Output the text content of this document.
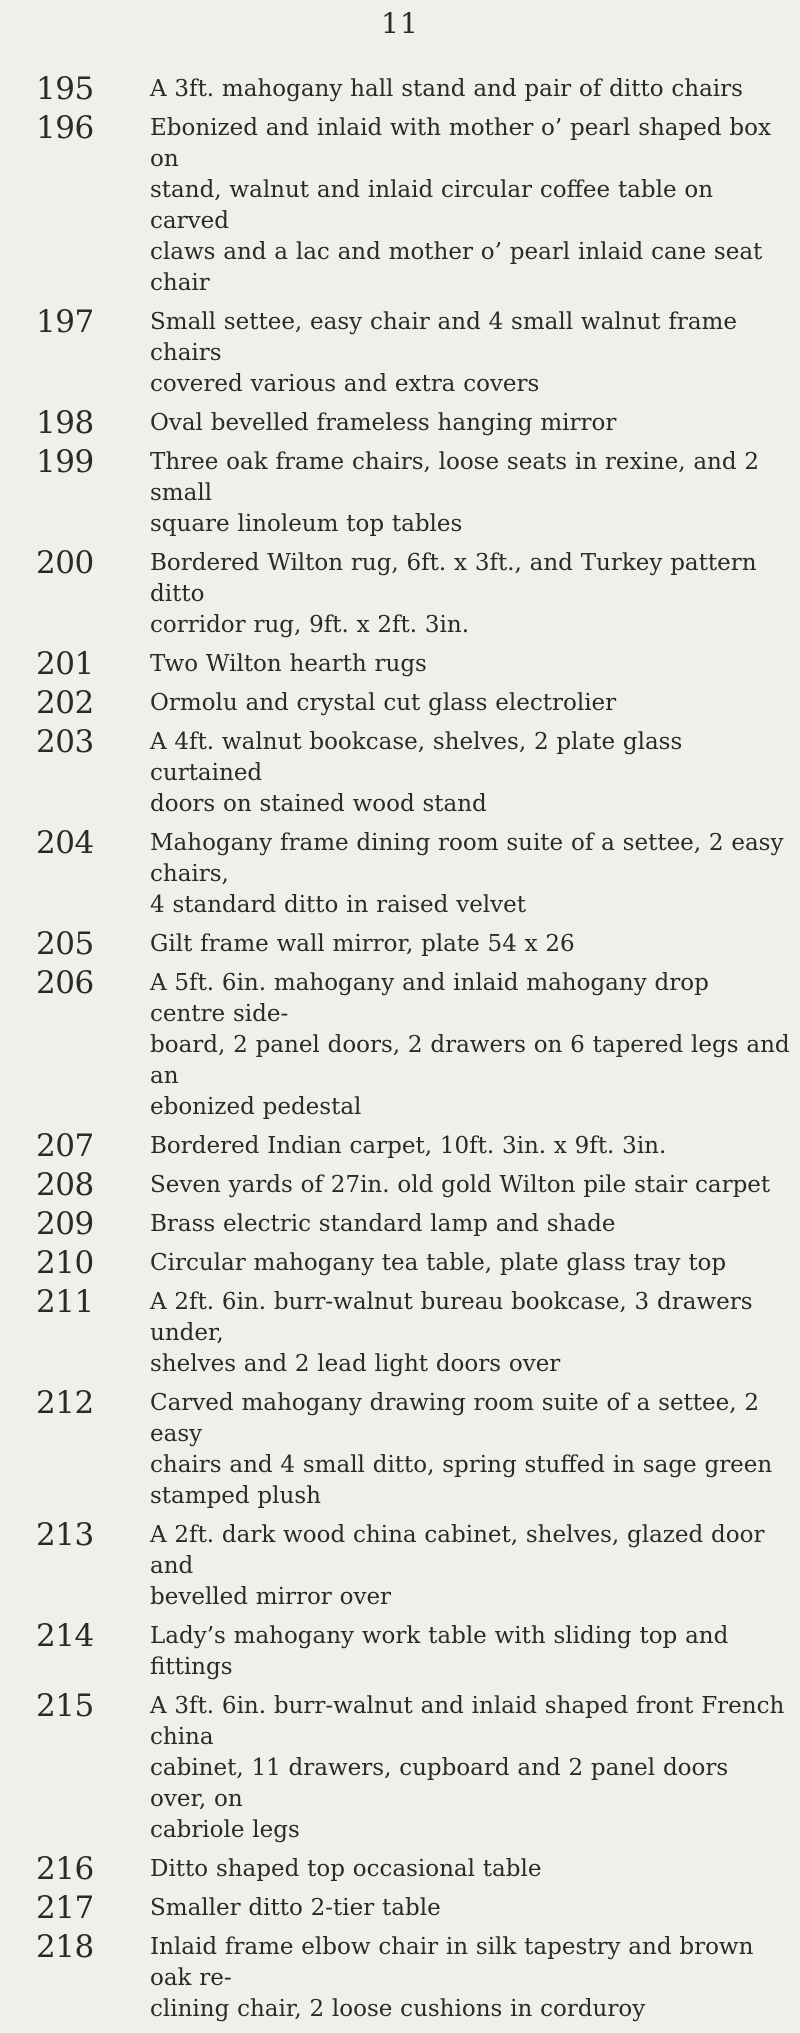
11
195	A 3ft. mahogany hall stand and pair of ditto chairs
196	Ebonized and inlaid with mother o’ pearl shaped box on
stand, walnut and inlaid circular coffee table on carved
claws and a lac and mother o’ pearl inlaid cane seat chair
197	Small settee, easy chair and 4 small walnut frame chairs
covered various and extra covers
198	Oval bevelled frameless hanging mirror
199	Three oak frame chairs, loose seats in rexine, and 2 small
square linoleum top tables
200	Bordered Wilton rug, 6ft. x 3ft., and Turkey pattern ditto
corridor rug, 9ft. x 2ft. 3in.
201	Two Wilton hearth rugs
202	Ormolu and crystal cut glass electrolier
203	A 4ft. walnut bookcase, shelves, 2 plate glass curtained
doors on stained wood stand
204	Mahogany frame dining room suite of a settee, 2 easy chairs,
4 standard ditto in raised velvet
205	Gilt frame wall mirror, plate 54 x 26
206	A 5ft. 6in. mahogany and inlaid mahogany drop centre side-
board, 2 panel doors, 2 drawers on 6 tapered legs and an
ebonized pedestal
207	Bordered Indian carpet, 10ft. 3in. x 9ft. 3in.
208	Seven yards of 27in. old gold Wilton pile stair carpet
209	Brass electric standard lamp and shade
210	Circular mahogany tea table, plate glass tray top
211	A 2ft. 6in. burr-walnut bureau bookcase, 3 drawers under,
shelves and 2 lead light doors over
212	Carved mahogany drawing room suite of a settee, 2 easy
chairs and 4 small ditto, spring stuffed in sage green
stamped plush
213	A 2ft. dark wood china cabinet, shelves, glazed door and
bevelled mirror over
214	Lady’s mahogany work table with sliding top and fittings
215	A 3ft. 6in. burr-walnut and inlaid shaped front French china
cabinet, 11 drawers, cupboard and 2 panel doors over, on
cabriole legs
216	Ditto shaped top occasional table
217	Smaller ditto 2-tier table
218	Inlaid frame elbow chair in silk tapestry and brown oak re-
clining chair, 2 loose cushions in corduroy
